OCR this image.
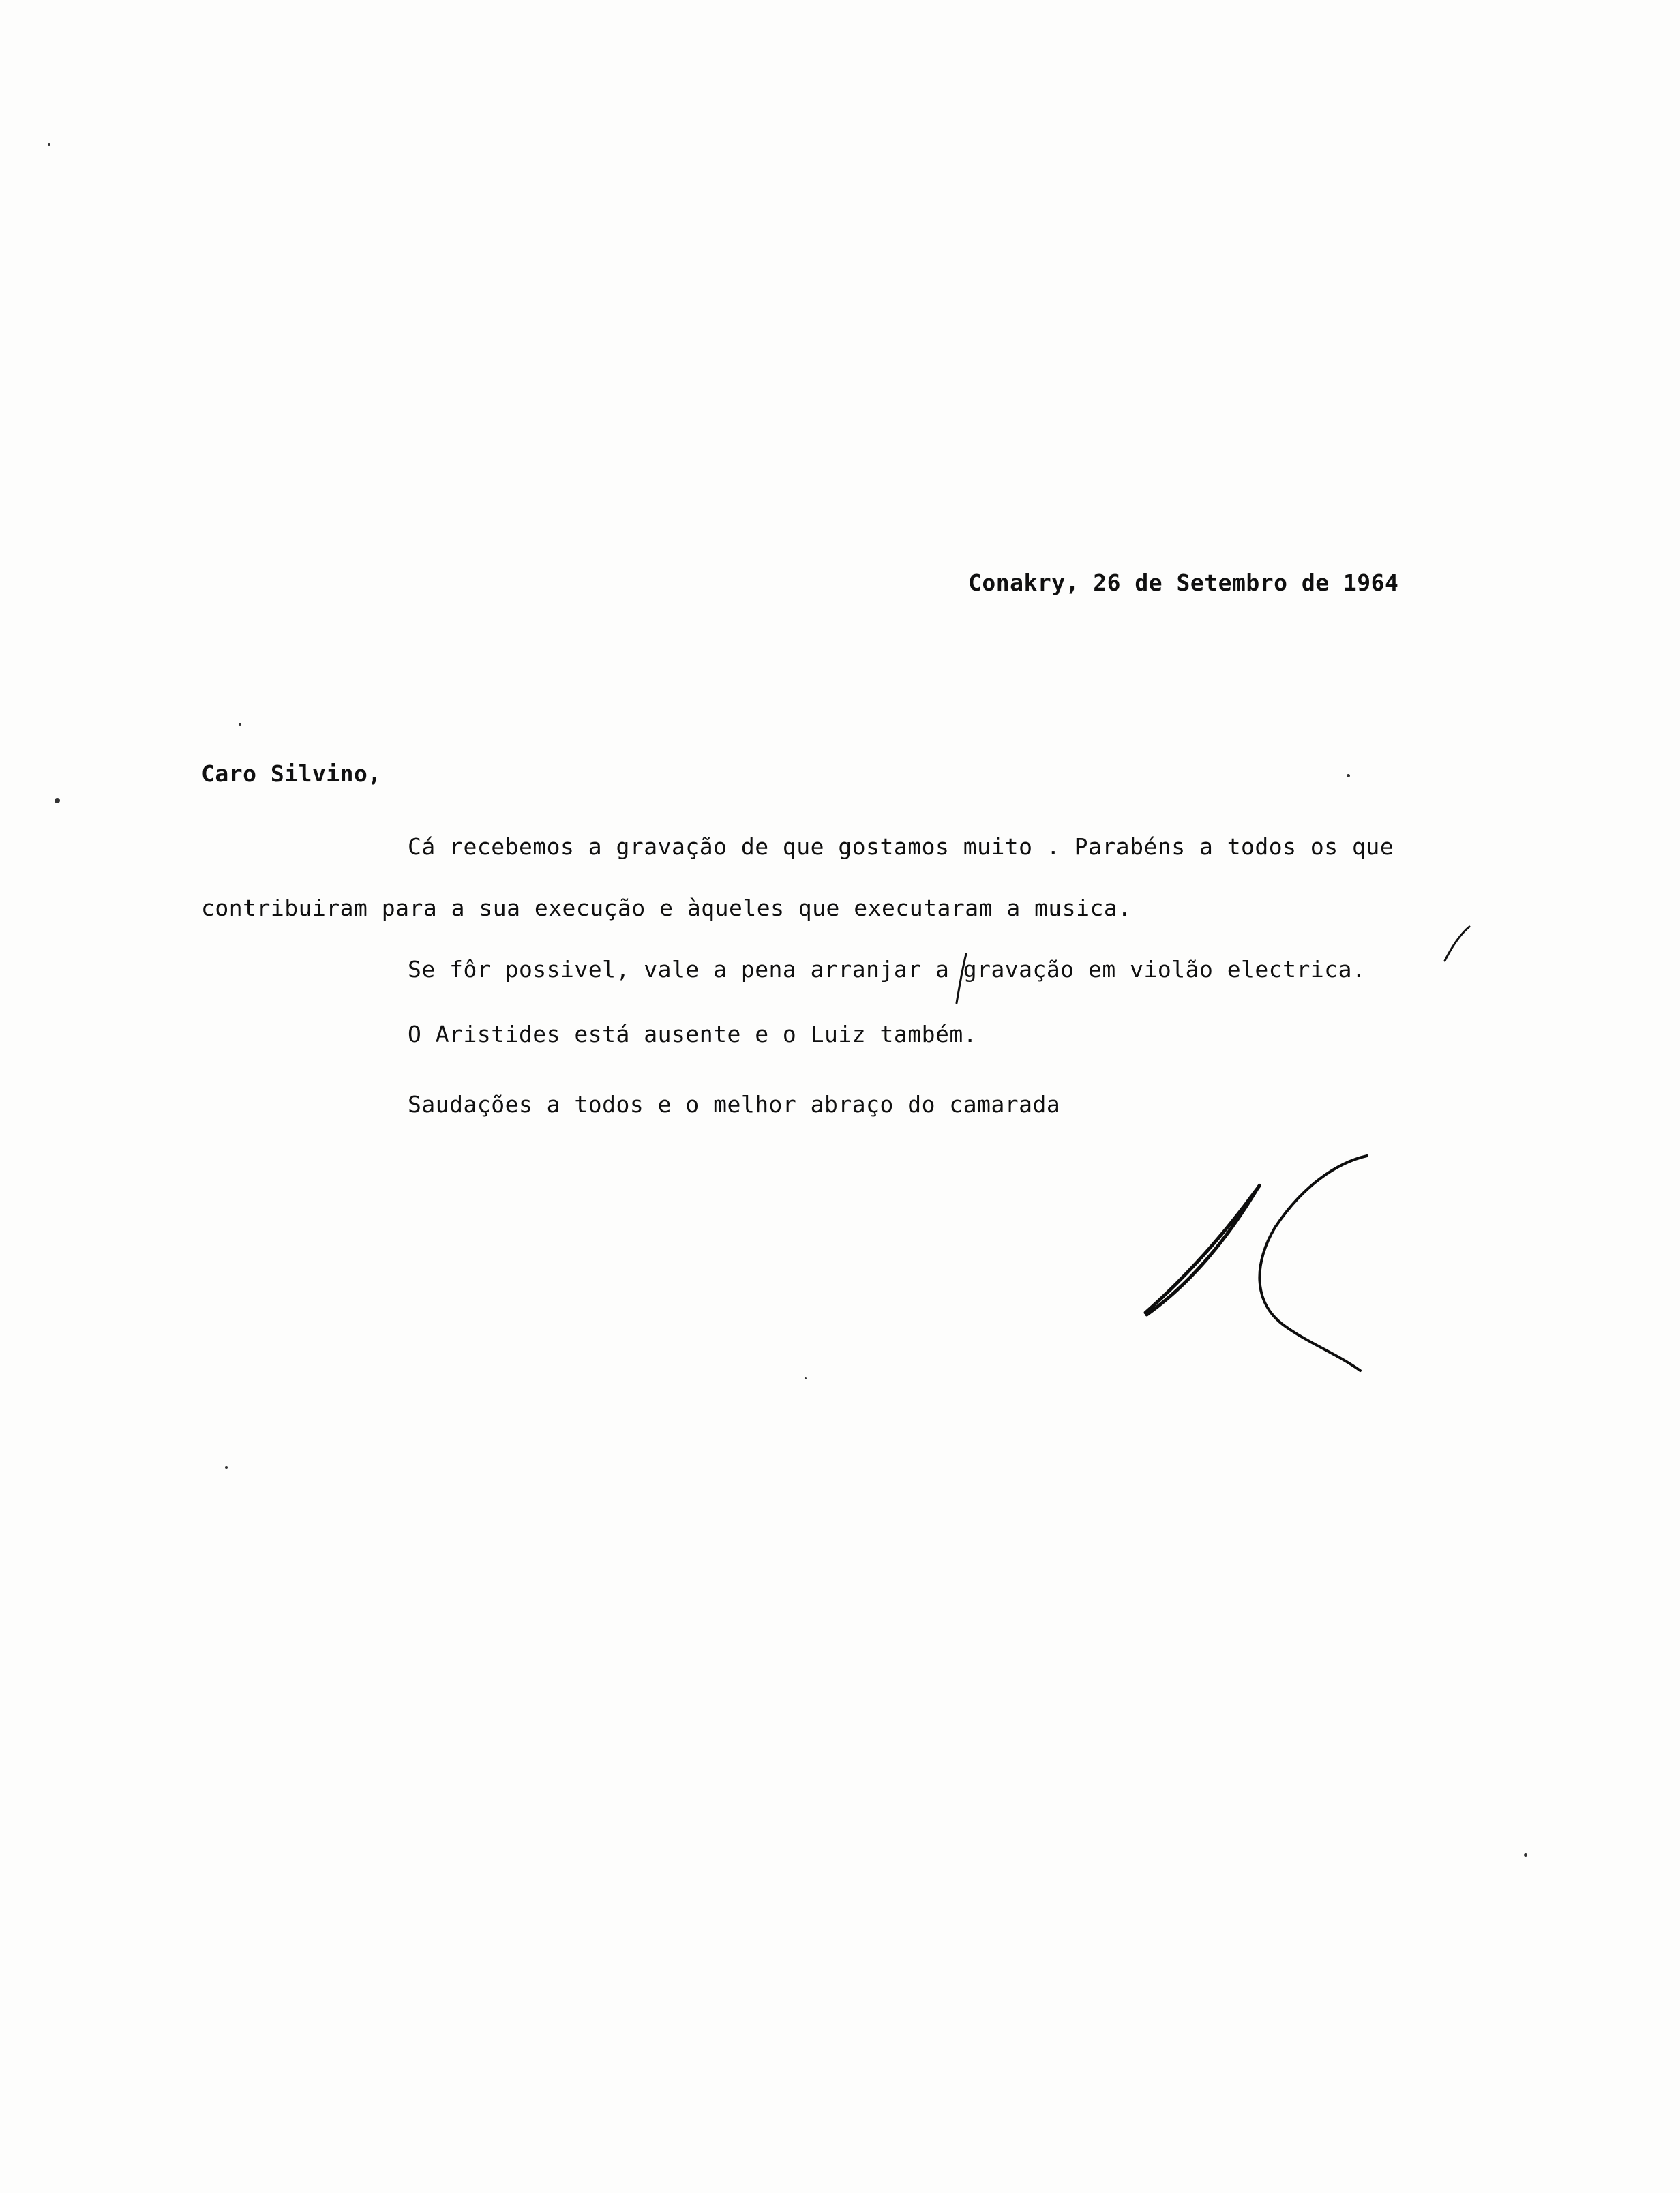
Conakry, 26 de Setembro de 1964
Caro Silvino,
Cá recebemos a gravação de que gostamos muito . Parabéns a todos os que
contribuiram para a sua execução e àqueles que executaram a musica.
Se fôr possivel, vale a pena arranjar a gravação em violão electrica.
O Aristides está ausente e o Luiz também.
Saudações a todos e o melhor abraço do camarada
